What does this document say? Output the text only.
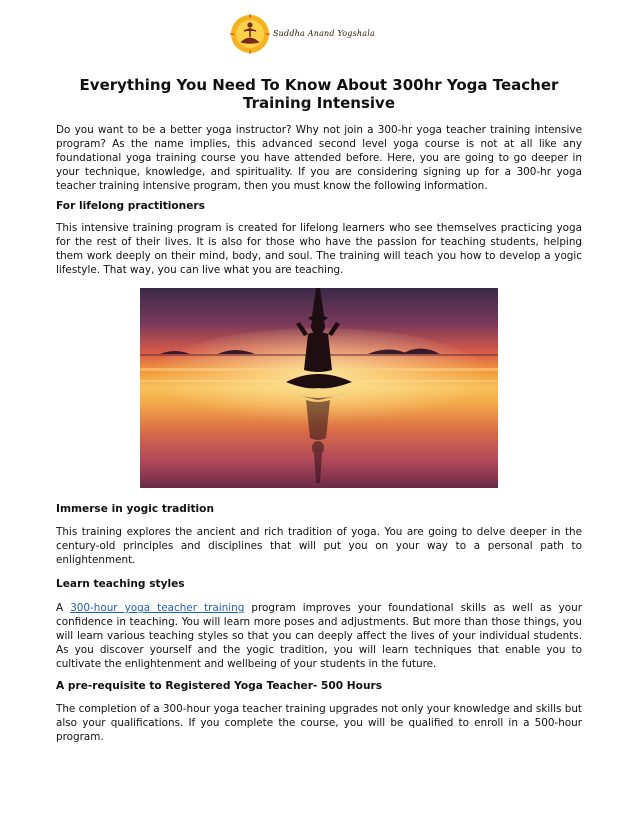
Suddha Anand Yogshala
Everything You Need To Know About 300hr Yoga Teacher Training Intensive

Do you want to be a better yoga instructor? Why not join a 300-hr yoga teacher training intensive program? As the name implies, this advanced second level yoga course is not at all like any foundational yoga training course you have attended before. Here, you are going to go deeper in your technique, knowledge, and spirituality. If you are considering signing up for a 300-hr yoga teacher training intensive program, then you must know the following information.

For lifelong practitioners

This intensive training program is created for lifelong learners who see themselves practicing yoga for the rest of their lives. It is also for those who have the passion for teaching students, helping them work deeply on their mind, body, and soul. The training will teach you how to develop a yogic lifestyle. That way, you can live what you are teaching.

Immerse in yogic tradition

This training explores the ancient and rich tradition of yoga. You are going to delve deeper in the century-old principles and disciplines that will put you on your way to a personal path to enlightenment.

Learn teaching styles

A 300-hour yoga teacher training program improves your foundational skills as well as your confidence in teaching. You will learn more poses and adjustments. But more than those things, you will learn various teaching styles so that you can deeply affect the lives of your individual students. As you discover yourself and the yogic tradition, you will learn techniques that enable you to cultivate the enlightenment and wellbeing of your students in the future.

A pre-requisite to Registered Yoga Teacher- 500 Hours

The completion of a 300-hour yoga teacher training upgrades not only your knowledge and skills but also your qualifications. If you complete the course, you will be qualified to enroll in a 500-hour program.
